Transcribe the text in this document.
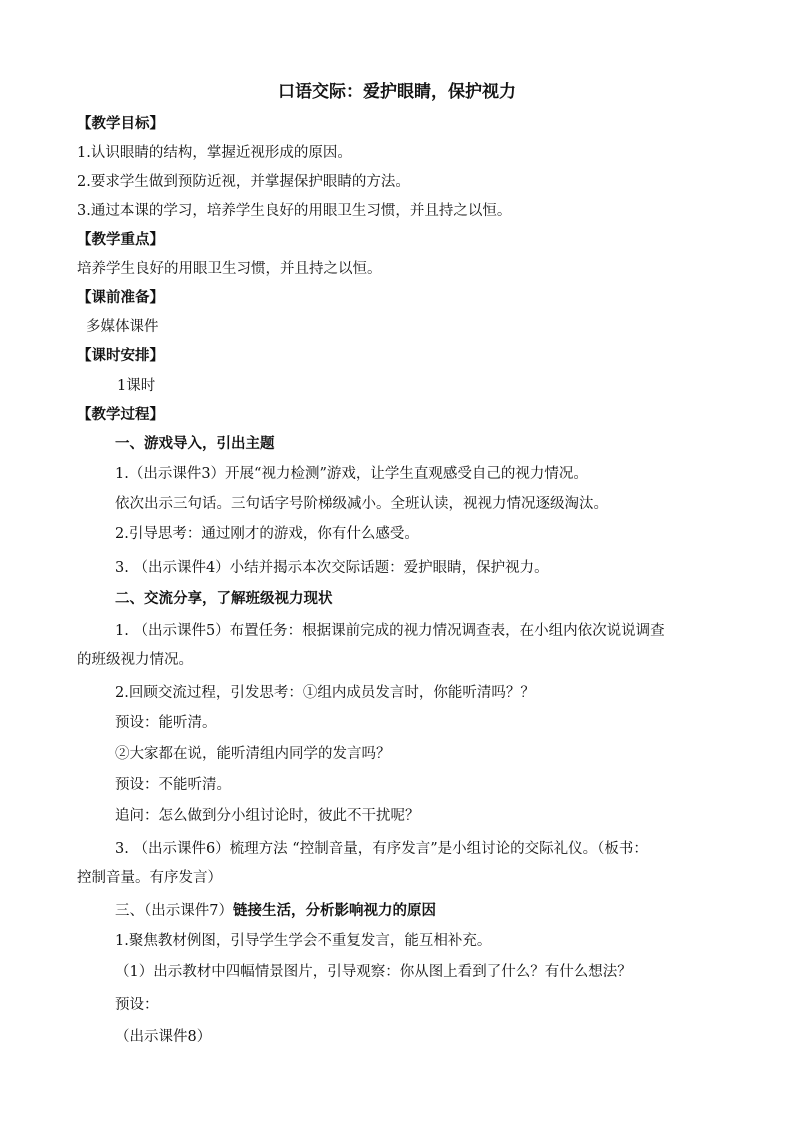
口语交际：爱护眼睛，保护视力
【教学目标】
1.认识眼睛的结构，掌握近视形成的原因。
2.要求学生做到预防近视，并掌握保护眼睛的方法。
3.通过本课的学习，培养学生良好的用眼卫生习惯，并且持之以恒。
【教学重点】
培养学生良好的用眼卫生习惯，并且持之以恒。
【课前准备】
多媒体课件
【课时安排】
1课时
【教学过程】
一、游戏导入，引出主题
1.（出示课件3）开展“视力检测”游戏，让学生直观感受自己的视力情况。
依次出示三句话。三句话字号阶梯级减小。全班认读，视视力情况逐级淘汰。
2.引导思考：通过刚才的游戏，你有什么感受。
3. （出示课件4）小结并揭示本次交际话题：爱护眼睛，保护视力。
二、交流分享，了解班级视力现状
1. （出示课件5）布置任务：根据课前完成的视力情况调查表，在小组内依次说说调查
的班级视力情况。
2.回顾交流过程，引发思考：①组内成员发言时，你能听清吗？？
预设：能听清。
②大家都在说，能听清组内同学的发言吗？
预设：不能听清。
追问：怎么做到分小组讨论时，彼此不干扰呢？
3. （出示课件6）梳理方法 “控制音量，有序发言”是小组讨论的交际礼仪。（板书：
控制音量。有序发言）
三、（出示课件7）链接生活，分析影响视力的原因
1.聚焦教材例图，引导学生学会不重复发言，能互相补充。
（1）出示教材中四幅情景图片，引导观察：你从图上看到了什么？有什么想法？
预设：
（出示课件8）
